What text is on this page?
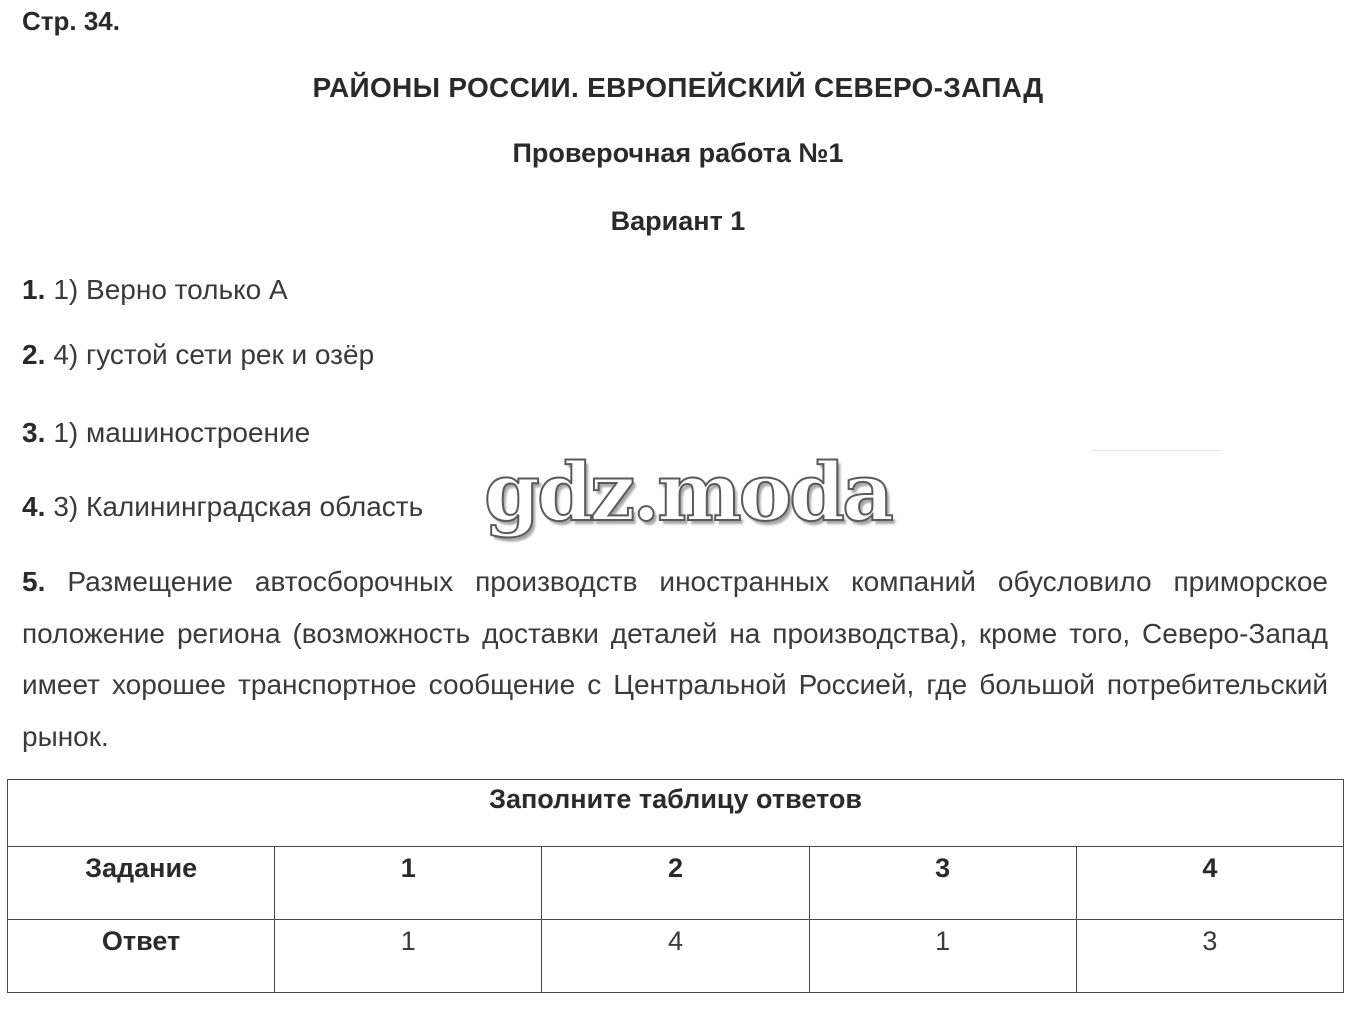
Стр. 34.
РАЙОНЫ РОССИИ. ЕВРОПЕЙСКИЙ СЕВЕРО-ЗАПАД
Проверочная работа №1
Вариант 1
1. 1) Верно только А
2. 4) густой сети рек и озёр
3. 1) машиностроение
4. 3) Калининградская область gdz.moda
5. Размещение автосборочных производств иностранных компаний обусловило приморское положение региона (возможность доставки деталей на производства), кроме того, Северо-Запад имеет хорошее транспортное сообщение с Центральной Россией, где большой потребительский рынок.
Заполните таблицу ответов				
Задание	1	2	3	4
Ответ	1	4	1	3
